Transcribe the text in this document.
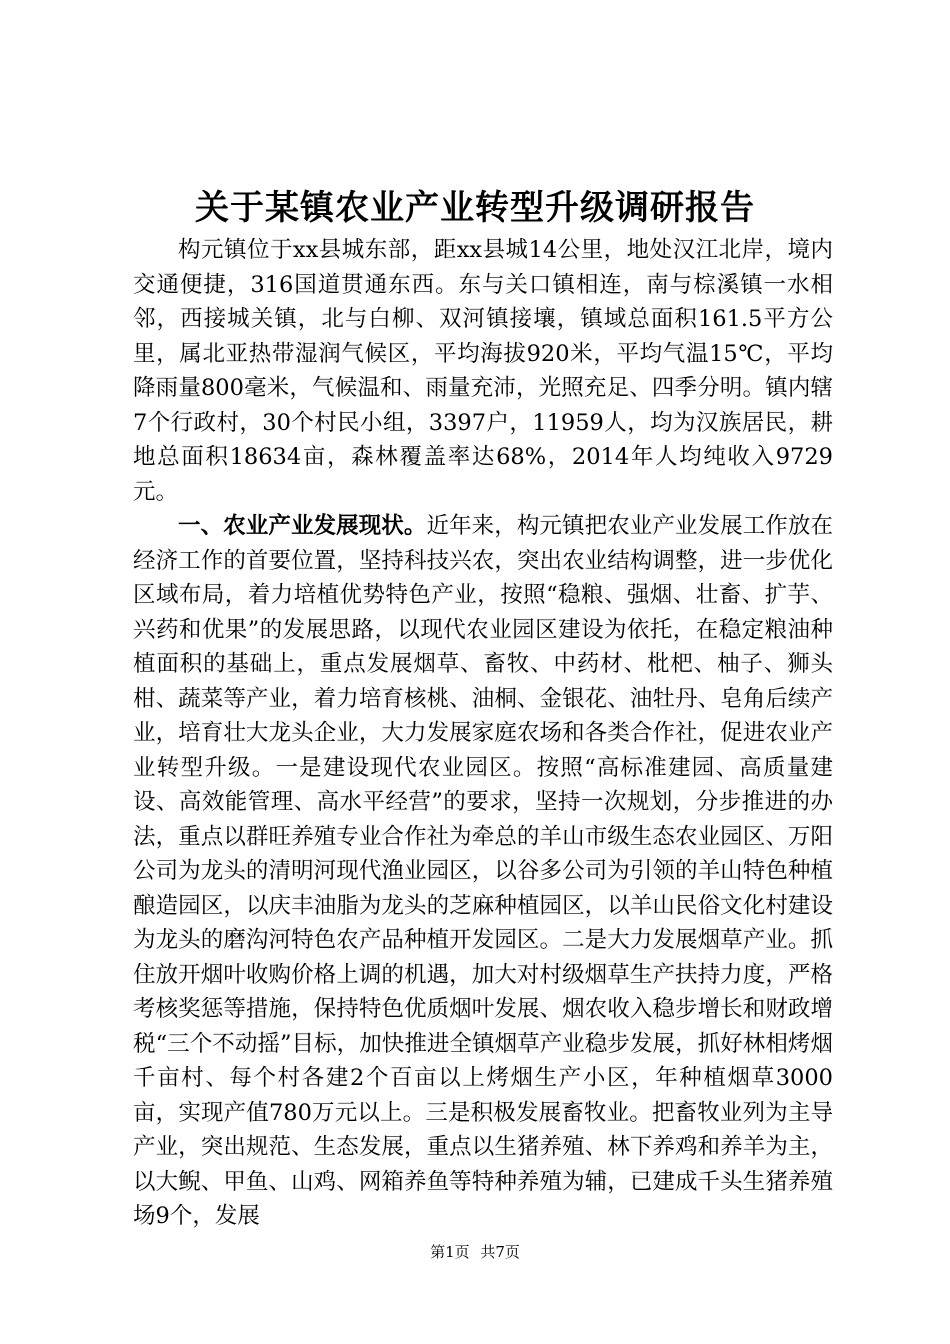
关于某镇农业产业转型升级调研报告

构元镇位于xx县城东部，距xx县城14公里，地处汉江北岸，境内交通便捷，316国道贯通东西。东与关口镇相连，南与棕溪镇一水相邻，西接城关镇，北与白柳、双河镇接壤，镇域总面积161.5平方公里，属北亚热带湿润气候区，平均海拔920米，平均气温15℃，平均降雨量800毫米，气候温和、雨量充沛，光照充足、四季分明。镇内辖7个行政村，30个村民小组，3397户，11959人，均为汉族居民，耕地总面积18634亩，森林覆盖率达68%，2014年人均纯收入9729元。

一、农业产业发展现状。近年来，构元镇把农业产业发展工作放在经济工作的首要位置，坚持科技兴农，突出农业结构调整，进一步优化区域布局，着力培植优势特色产业，按照“稳粮、强烟、壮畜、扩芋、兴药和优果”的发展思路，以现代农业园区建设为依托，在稳定粮油种植面积的基础上，重点发展烟草、畜牧、中药材、枇杷、柚子、狮头柑、蔬菜等产业，着力培育核桃、油桐、金银花、油牡丹、皂角后续产业，培育壮大龙头企业，大力发展家庭农场和各类合作社，促进农业产业转型升级。一是建设现代农业园区。按照“高标准建园、高质量建设、高效能管理、高水平经营”的要求，坚持一次规划，分步推进的办法，重点以群旺养殖专业合作社为牵总的羊山市级生态农业园区、万阳公司为龙头的清明河现代渔业园区，以谷多公司为引领的羊山特色种植酿造园区，以庆丰油脂为龙头的芝麻种植园区，以羊山民俗文化村建设为龙头的磨沟河特色农产品种植开发园区。二是大力发展烟草产业。抓住放开烟叶收购价格上调的机遇，加大对村级烟草生产扶持力度，严格考核奖惩等措施，保持特色优质烟叶发展、烟农收入稳步增长和财政增税“三个不动摇”目标，加快推进全镇烟草产业稳步发展，抓好林相烤烟千亩村、每个村各建2个百亩以上烤烟生产小区，年种植烟草3000亩，实现产值780万元以上。三是积极发展畜牧业。把畜牧业列为主导产业，突出规范、生态发展，重点以生猪养殖、林下养鸡和养羊为主，以大鲵、甲鱼、山鸡、网箱养鱼等特种养殖为辅，已建成千头生猪养殖场9个，发展

第1页 共7页
